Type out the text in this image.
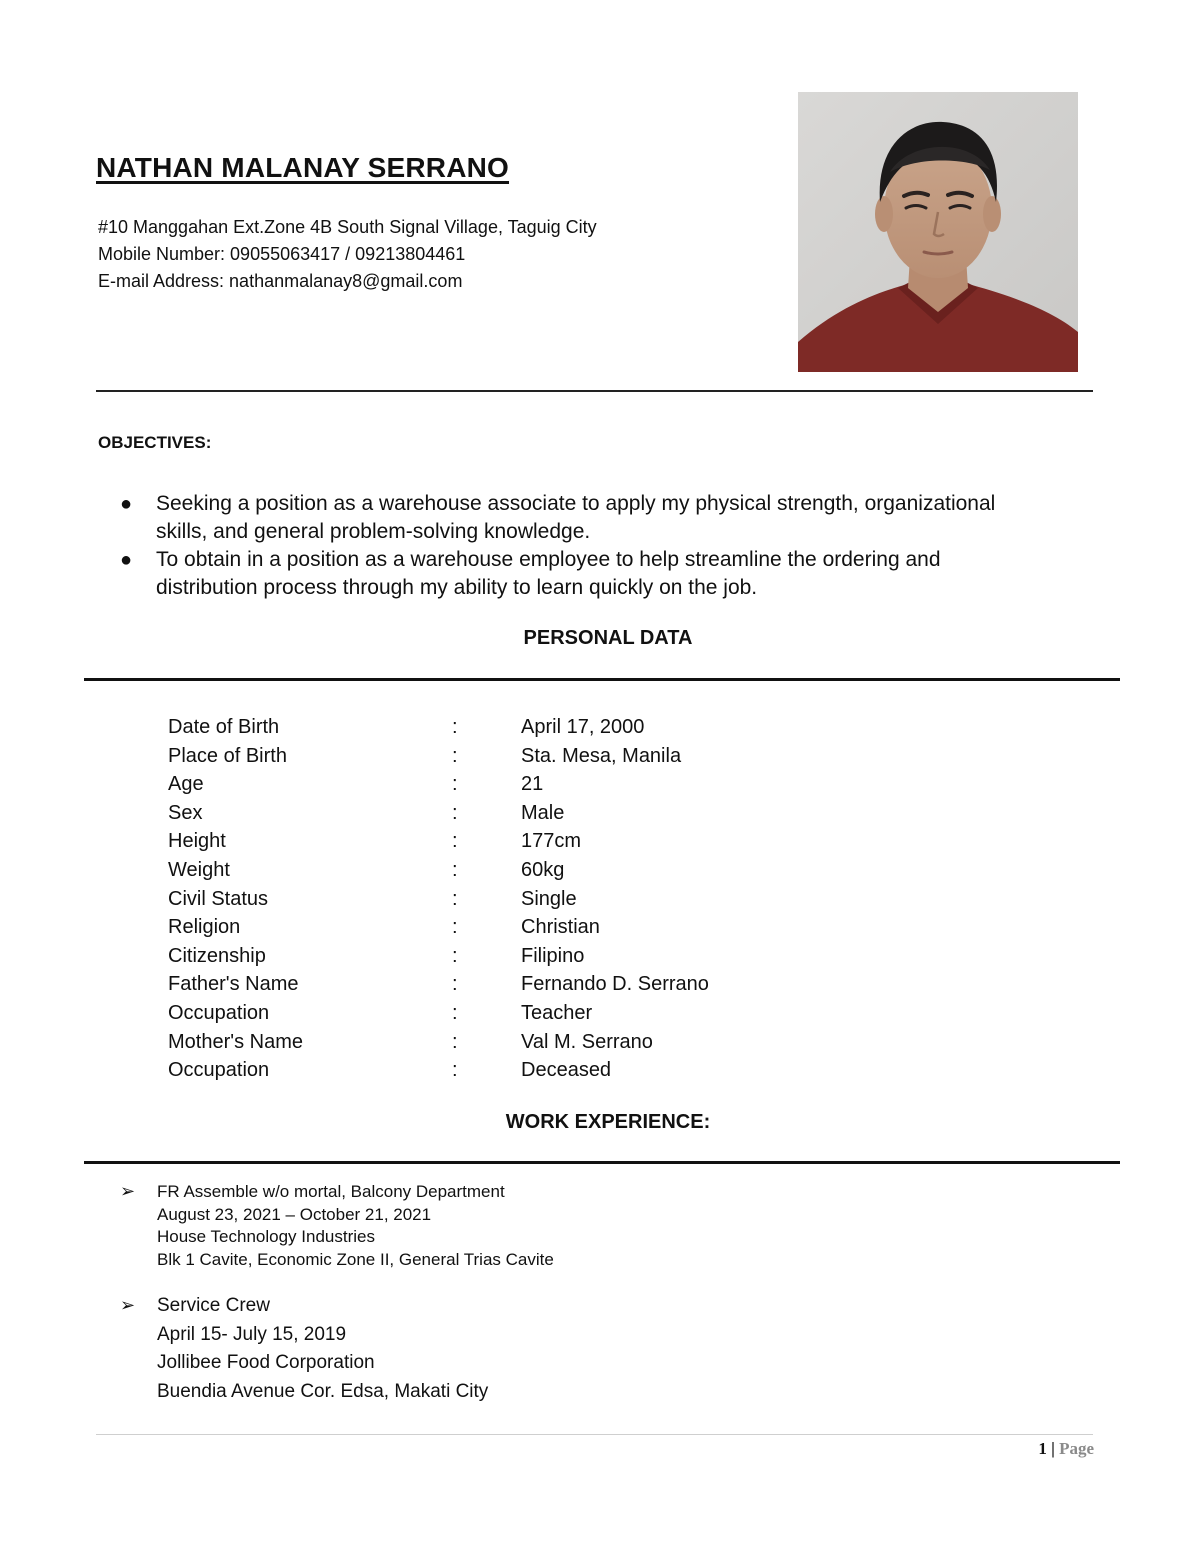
NATHAN MALANAY SERRANO
#10 Manggahan Ext.Zone 4B South Signal Village, Taguig City
Mobile Number: 09055063417 / 09213804461
E-mail Address: nathanmalanay8@gmail.com
OBJECTIVES:
● Seeking a position as a warehouse associate to apply my physical strength, organizational
skills, and general problem-solving knowledge.
● To obtain in a position as a warehouse employee to help streamline the ordering and
distribution process through my ability to learn quickly on the job.
PERSONAL DATA
Date of Birth	:	April 17, 2000
Place of Birth	:	Sta. Mesa, Manila
Age	:	21
Sex	:	Male
Height	:	177cm
Weight	:	60kg
Civil Status	:	Single
Religion	:	Christian
Citizenship	:	Filipino
Father's Name	:	Fernando D. Serrano
Occupation	:	Teacher
Mother's Name	:	Val M. Serrano
Occupation	:	Deceased
WORK EXPERIENCE:
➢ FR Assemble w/o mortal, Balcony Department
August 23, 2021 – October 21, 2021
House Technology Industries
Blk 1 Cavite, Economic Zone II, General Trias Cavite
➢ Service Crew
April 15- July 15, 2019
Jollibee Food Corporation
Buendia Avenue Cor. Edsa, Makati City
1 | Page
